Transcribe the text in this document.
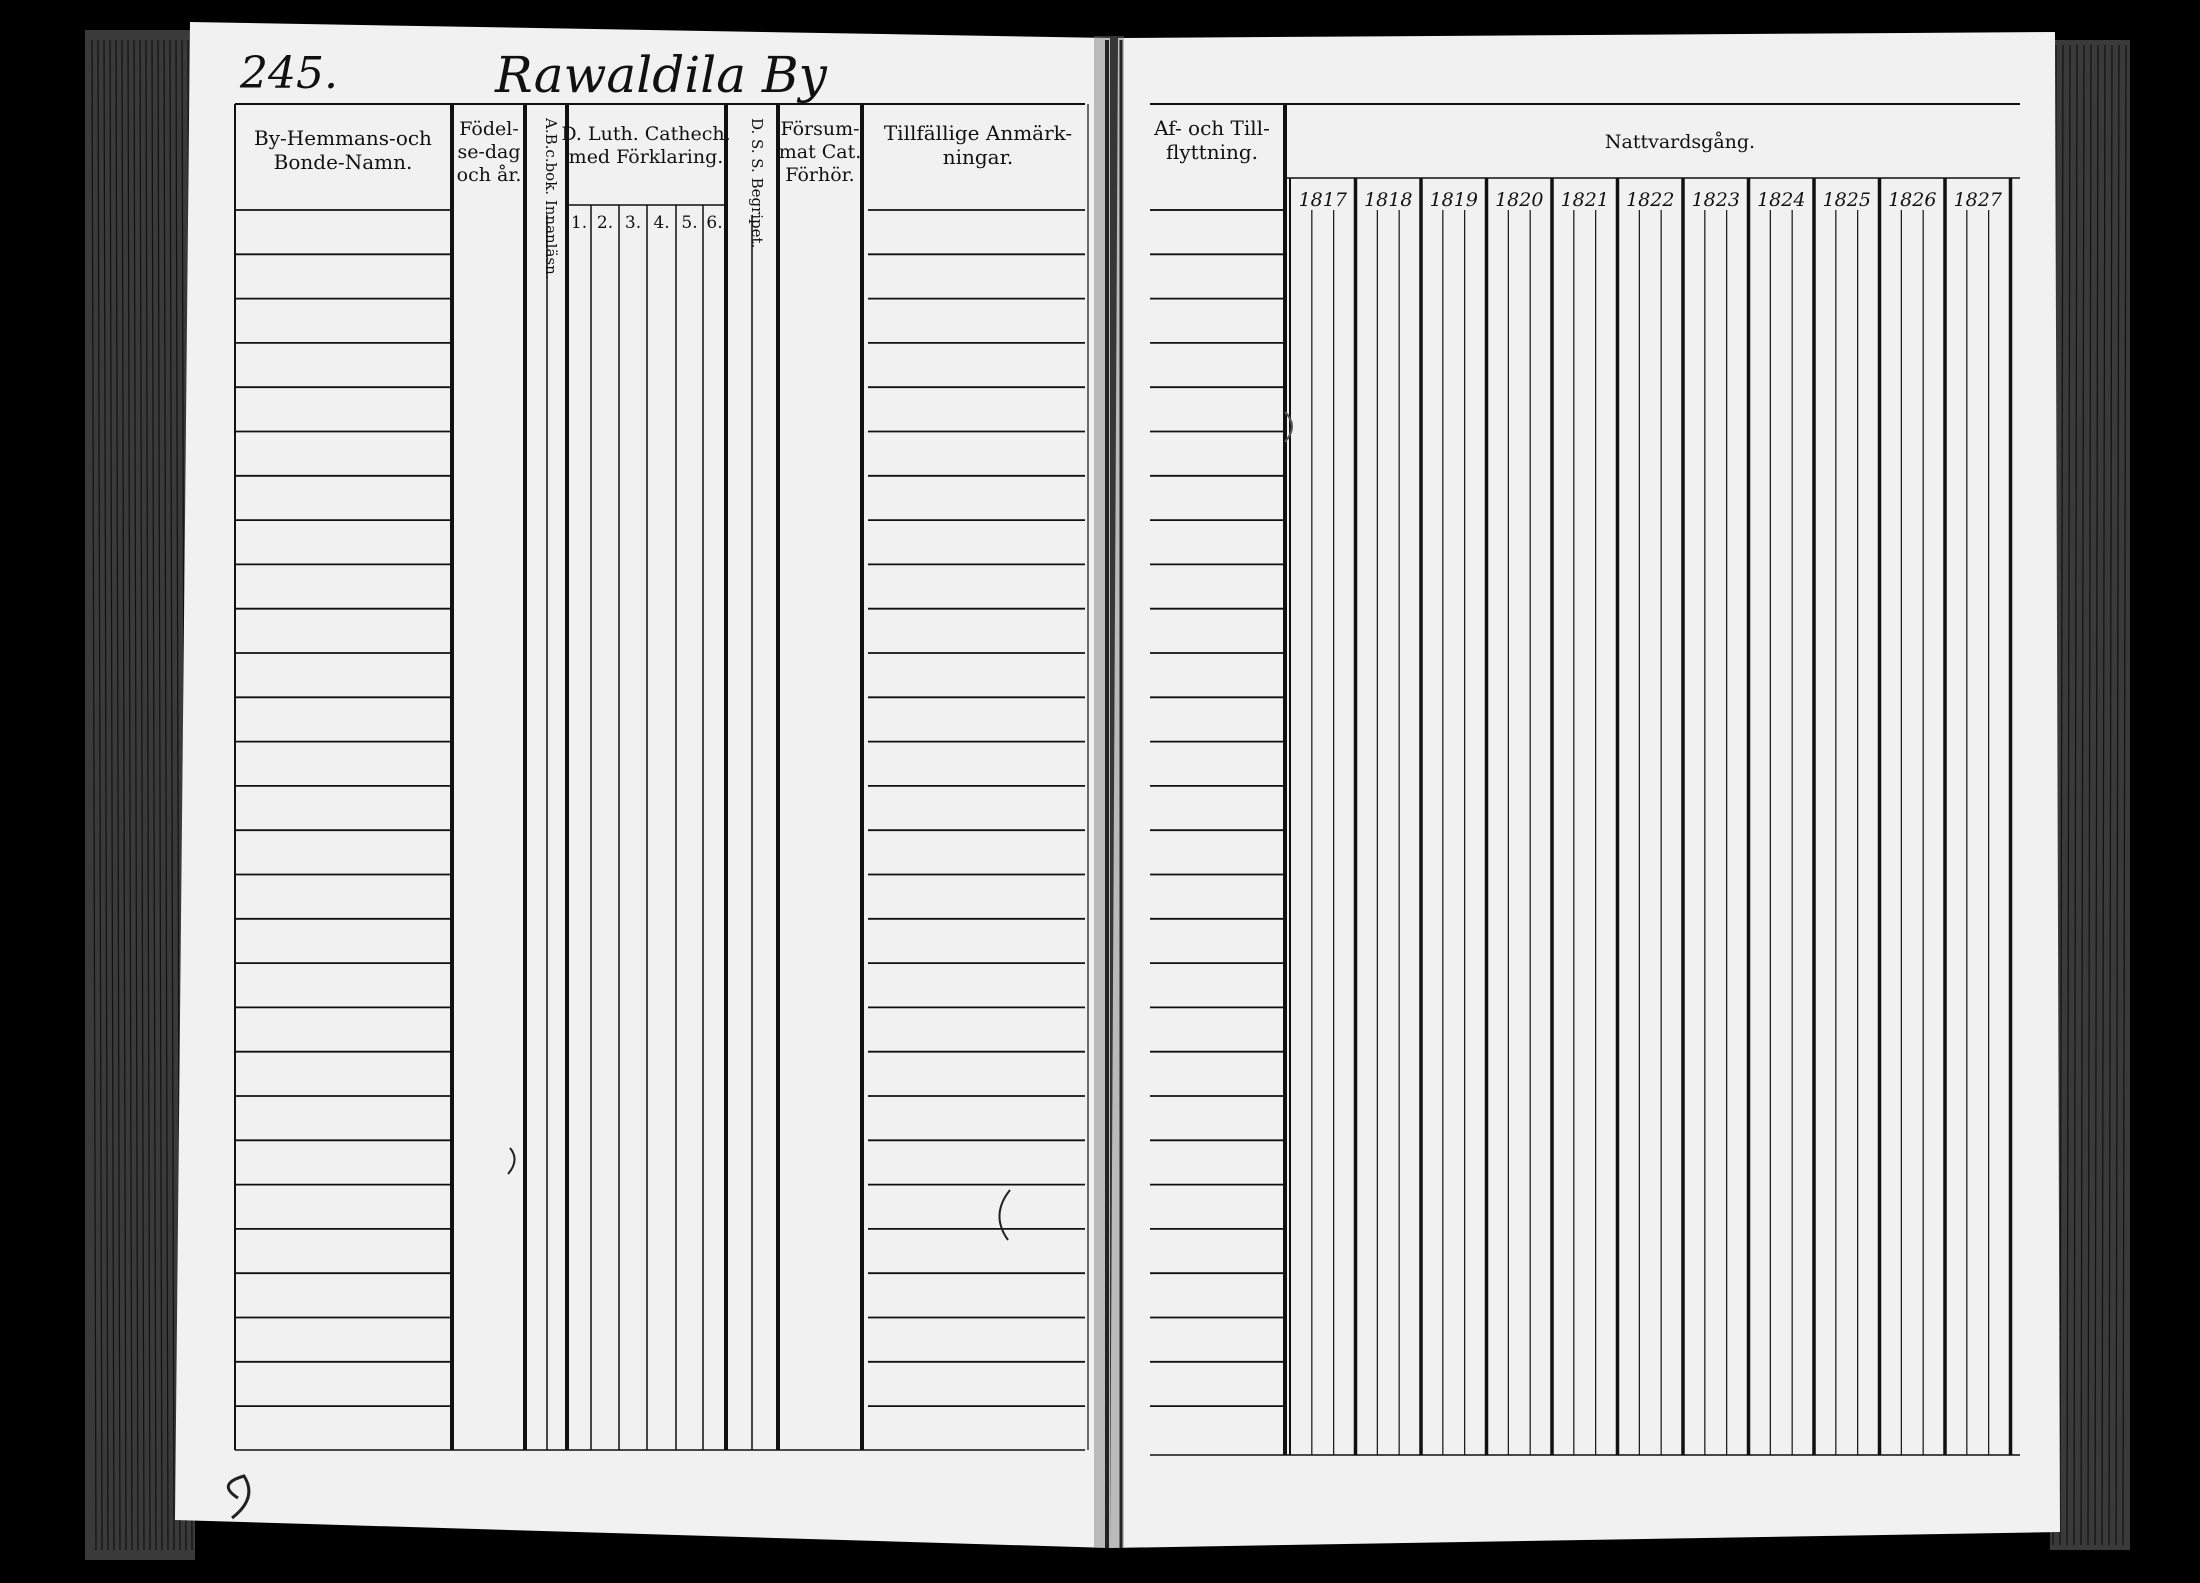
245.	Rawaldila By
By-Hemmans-och
Bonde-Namn.
Födel-
se-dag
och år. A.B.c.bok. Innanläsn. D. Luth. Cathech.
med Förklaring. D. S. S. Begripet. Försum-
mat Cat.
Förhör.
Tillfällige Anmärk-
ningar.
1. 2. 3. 4. 5. 6.
Af- och Till-
flyttning.	Nattvardsgång.
1817 1818 1819 1820 1821 1822 1823 1824 1825 1826 1827
